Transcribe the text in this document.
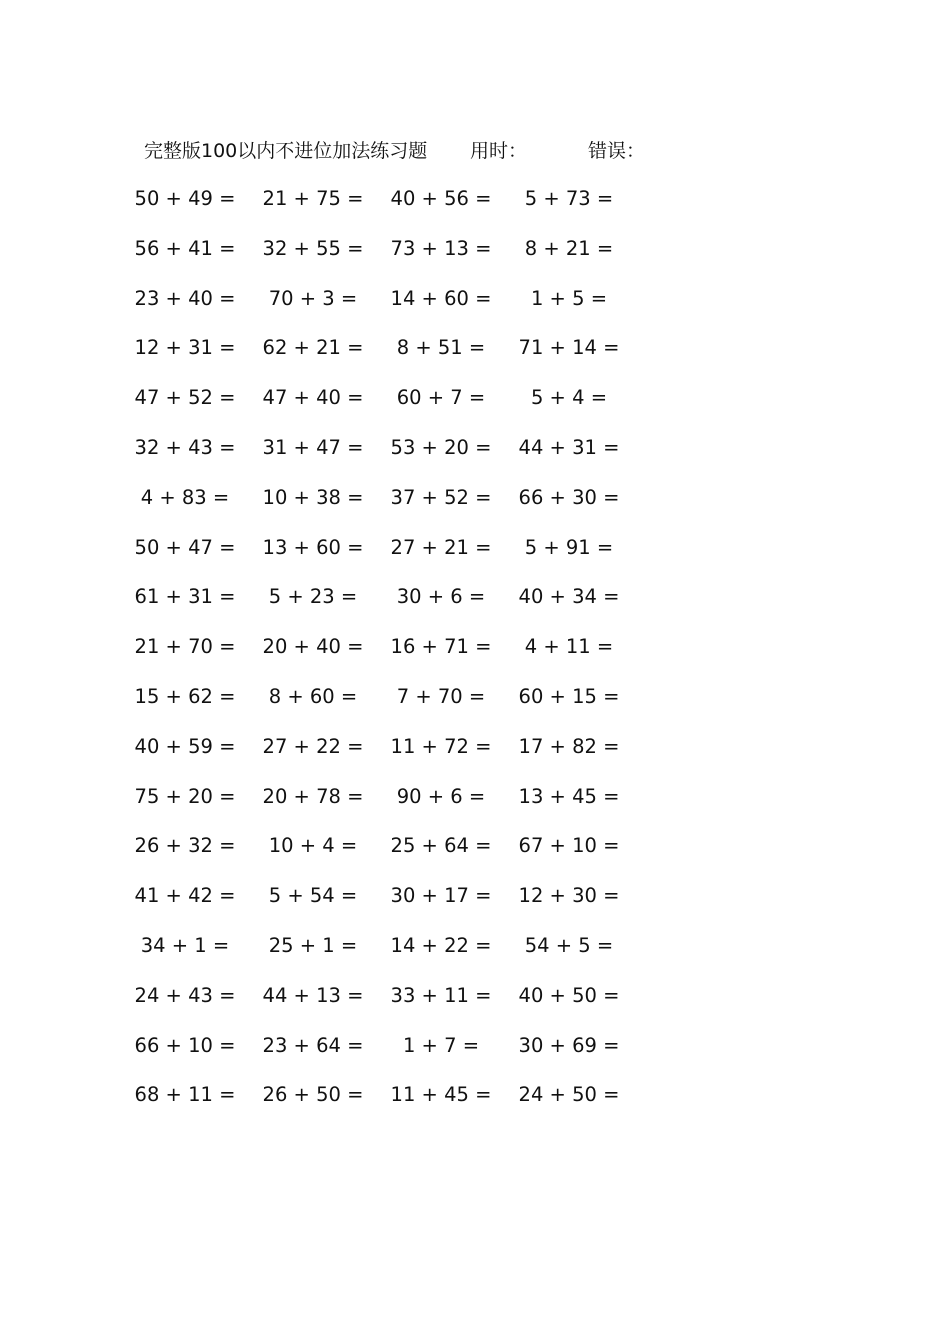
完整版100以内不进位加法练习题 用时：	错误：
50 + 49 = 21 + 75 = 40 + 56 =	5 + 73 =
56 + 41 = 32 + 55 = 73 + 13 =	8 + 21 =
23 + 40 =	70 + 3 =	14 + 60 =	1 + 5 =
12 + 31 = 62 + 21 =	8 + 51 =	71 + 14 =
47 + 52 = 47 + 40 =	60 + 7 =	5 + 4 =
32 + 43 = 31 + 47 = 53 + 20 = 44 + 31 =
4 + 83 =	10 + 38 = 37 + 52 = 66 + 30 =
50 + 47 = 13 + 60 = 27 + 21 =	5 + 91 =
61 + 31 =	5 + 23 =	30 + 6 =	40 + 34 =
21 + 70 = 20 + 40 = 16 + 71 =	4 + 11 =
15 + 62 =	8 + 60 =	7 + 70 =	60 + 15 =
40 + 59 = 27 + 22 = 11 + 72 = 17 + 82 =
75 + 20 = 20 + 78 =	90 + 6 =	13 + 45 =
26 + 32 =	10 + 4 =	25 + 64 = 67 + 10 =
41 + 42 =	5 + 54 =	30 + 17 = 12 + 30 =
34 + 1 =	25 + 1 =	14 + 22 =	54 + 5 =
24 + 43 = 44 + 13 = 33 + 11 = 40 + 50 =
66 + 10 = 23 + 64 =	1 + 7 =	30 + 69 =
68 + 11 = 26 + 50 = 11 + 45 = 24 + 50 =
